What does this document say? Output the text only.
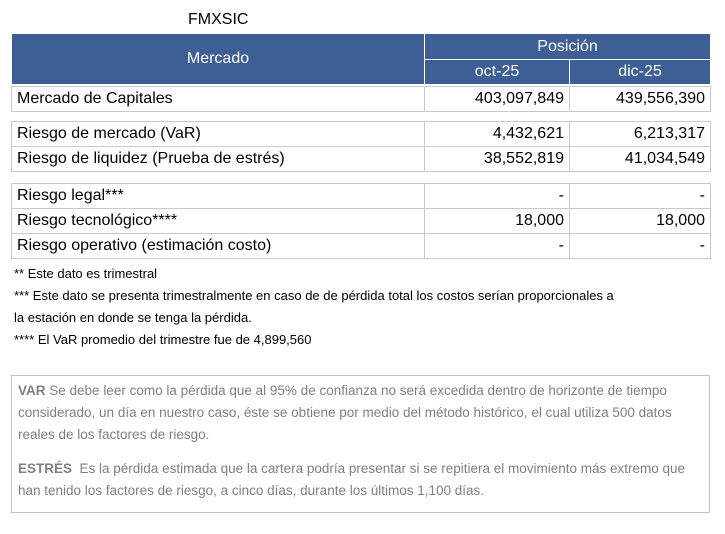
FMXSIC
Mercado	Posición	
	oct-25	dic-25
Mercado de Capitales	403,097,849	439,556,390
Riesgo de mercado (VaR)	4,432,621	6,213,317
Riesgo de liquidez (Prueba de estrés)	38,552,819	41,034,549
Riesgo legal***	-	-
Riesgo tecnológico****	18,000	18,000
Riesgo operativo (estimación costo)	-	-
** Este dato es trimestral
*** Este dato se presenta trimestralmente en caso de de pérdida total los costos serían proporcionales a
la estación en donde se tenga la pérdida.
**** El VaR promedio del trimestre fue de 4,899,560

VAR Se debe leer como la pérdida que al 95% de confianza no será excedida dentro de horizonte de tiempo considerado, un día en nuestro caso, éste se obtiene por medio del método histórico, el cual utiliza 500 datos reales de los factores de riesgo.

ESTRÉS  Es la pérdida estimada que la cartera podría presentar si se repitiera el movimiento más extremo que han tenido los factores de riesgo, a cinco días, durante los últimos 1,100 días.
